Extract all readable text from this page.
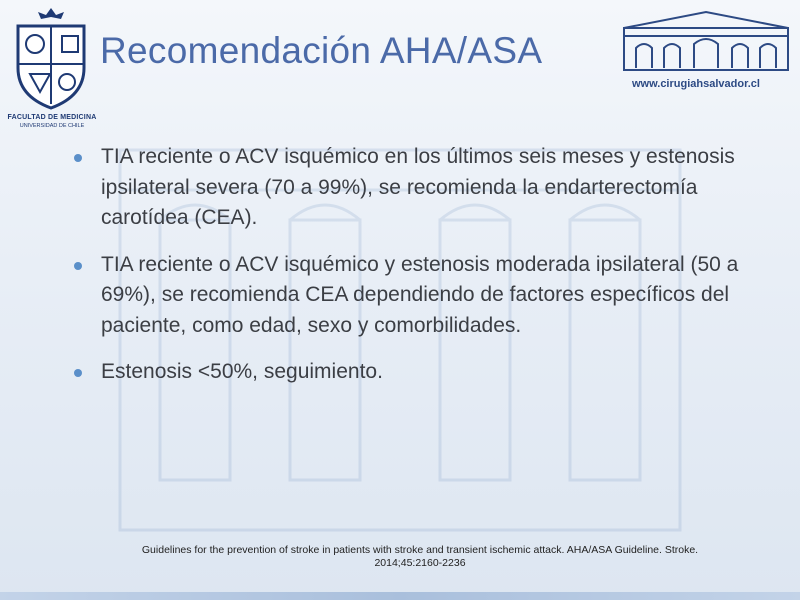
FACULTAD DE MEDICINA
UNIVERSIDAD DE CHILE
Recomendación AHA/ASA
www.cirugiahsalvador.cl
TIA reciente o ACV isquémico en los últimos seis meses y estenosis ipsilateral severa (70 a 99%), se recomienda la endarterectomía carotídea (CEA).
TIA reciente o ACV isquémico y estenosis moderada ipsilateral (50 a 69%), se recomienda CEA dependiendo de factores específicos del paciente, como edad, sexo y comorbilidades.
Estenosis <50%, seguimiento.
Guidelines for the prevention of stroke in patients with stroke and transient ischemic attack. AHA/ASA Guideline. Stroke.
2014;45:2160-2236
